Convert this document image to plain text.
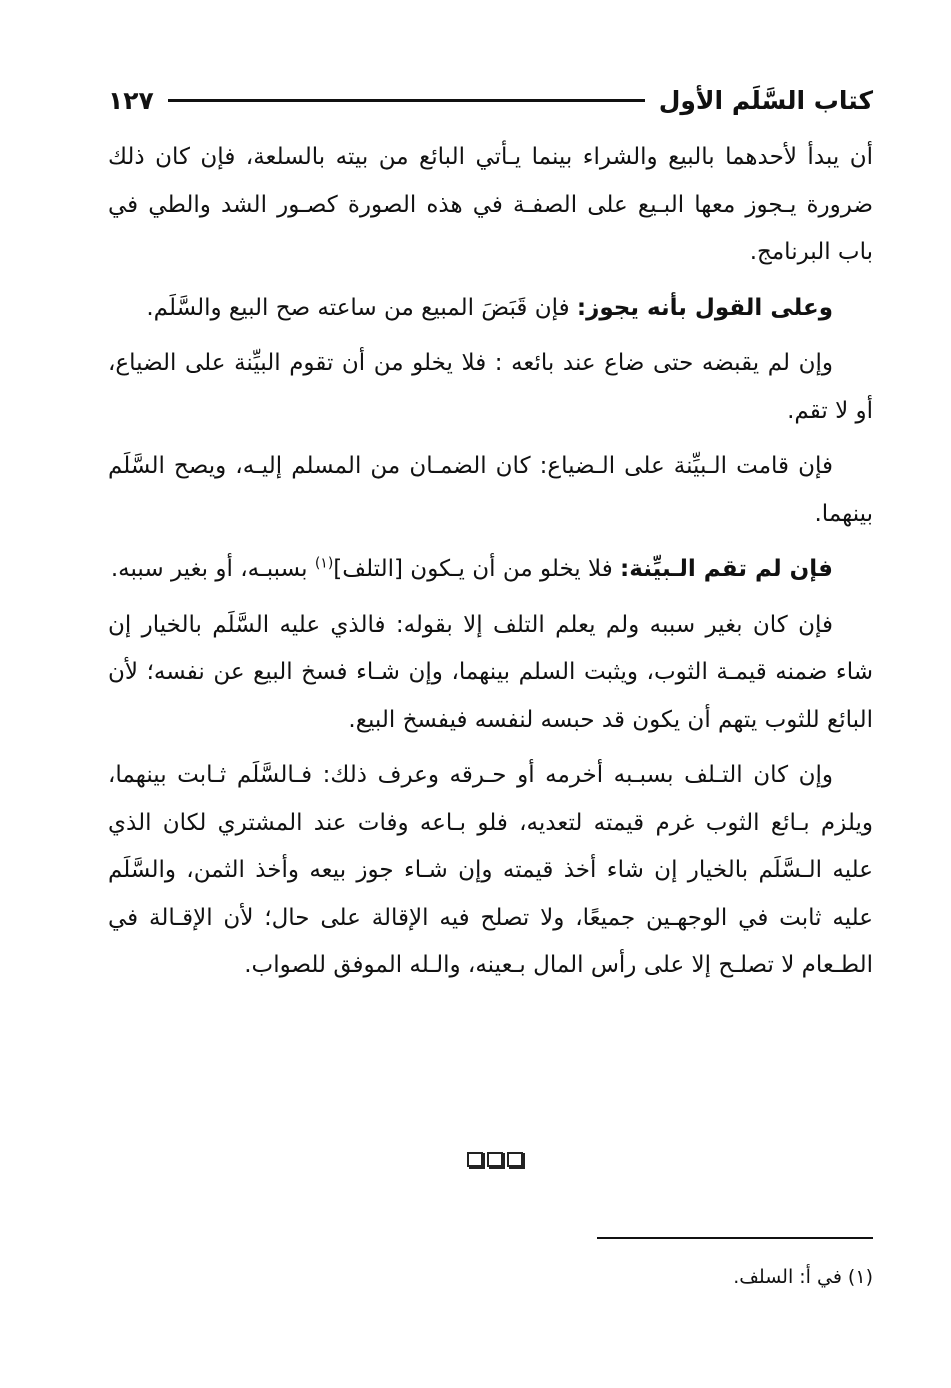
كتاب السَّلَم الأول
١٢٧

أن يبدأ لأحدهما بالبيع والشراء بينما يـأتي البائع من بيته بالسلعة، فإن كان ذلك ضرورة يـجوز معها البـيع على الصفـة في هذه الصورة كصـور الشد والطي في باب البرنامج.

وعلى القول بأنه يجوز: فإن قَبَضَ المبيع من ساعته صح البيع والسَّلَم.

وإن لم يقبضه حتى ضاع عند بائعه : فلا يخلو من أن تقوم البيِّنة على الضياع، أو لا تقم.

فإن قامت الـبيِّنة على الـضياع: كان الضمـان من المسلم إليـه، ويصح السَّلَم بينهما.

فإن لم تقم الـبيِّنة: فلا يخلو من أن يـكون [التلف]$^{(١)}$ بسببـه، أو بغير سببه.

فإن كان بغير سببه ولم يعلم التلف إلا بقوله: فالذي عليه السَّلَم بالخيار إن شاء ضمنه قيمـة الثوب، ويثبت السلم بينهما، وإن شـاء فسخ البيع عن نفسه؛ لأن البائع للثوب يتهم أن يكون قد حبسه لنفسه فيفسخ البيع.

وإن كان التـلف بسبـبه أخرمه أو حـرقه وعرف ذلك: فـالسَّلَم ثـابت بينهما، ويلزم بـائع الثوب غرم قيمته لتعديه، فلو بـاعه وفات عند المشتري لكان الذي عليه الـسَّلَم بالخيار إن شاء أخذ قيمته وإن شـاء جوز بيعه وأخذ الثمن، والسَّلَم عليه ثابت في الوجهـين جميعًا، ولا تصلح فيه الإقالة على حال؛ لأن الإقـالة في الطـعام لا تصلـح إلا على رأس المال بـعينه، والـله الموفق للصواب.

(١) في أ: السلف.
